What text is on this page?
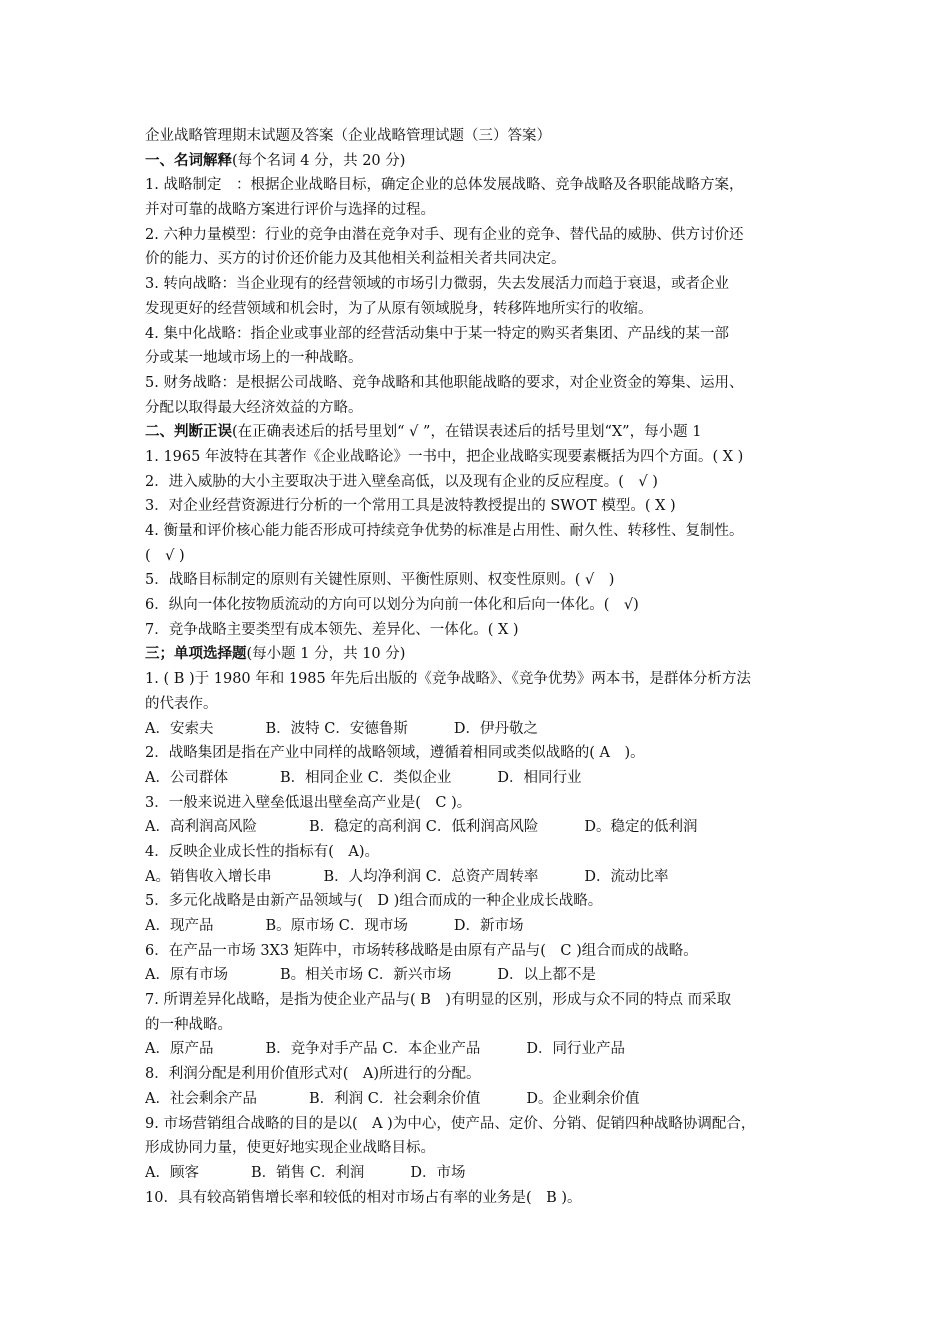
企业战略管理期末试题及答案（企业战略管理试题（三）答案）
一、名词解释(每个名词 4 分，共 20 分)
1. 战略制定　：根据企业战略目标，确定企业的总体发展战略、竞争战略及各职能战略方案，
并对可靠的战略方案进行评价与选择的过程。
2. 六种力量模型：行业的竞争由潜在竞争对手、现有企业的竞争、替代品的威胁、供方讨价还
价的能力、买方的讨价还价能力及其他相关利益相关者共同决定。
3. 转向战略：当企业现有的经营领域的市场引力微弱，失去发展活力而趋于衰退，或者企业
发现更好的经营领域和机会时，为了从原有领域脱身，转移阵地所实行的收缩。
4. 集中化战略：指企业或事业部的经营活动集中于某一特定的购买者集团、产品线的某一部
分或某一地域市场上的一种战略。
5. 财务战略：是根据公司战略、竞争战略和其他职能战略的要求，对企业资金的筹集、运用、
分配以取得最大经济效益的方略。
二、判断正误(在正确表述后的括号里划“ √ ”，在错误表述后的括号里划“X”，每小题 1
1. 1965 年波特在其著作《企业战略论》一书中，把企业战略实现要素概括为四个方面。( X )
2．进入威胁的大小主要取决于进入壁垒高低，以及现有企业的反应程度。(　√ )
3．对企业经营资源进行分析的一个常用工具是波特教授提出的 SWOT 模型。( X )
4. 衡量和评价核心能力能否形成可持续竞争优势的标准是占用性、耐久性、转移性、复制性。
(　√ )
5．战略目标制定的原则有关键性原则、平衡性原则、权变性原则。( √　)
6．纵向一体化按物质流动的方向可以划分为向前一体化和后向一体化。(　√)
7．竞争战略主要类型有成本领先、差异化、一体化。( X )
三；单项选择题(每小题 1 分，共 10 分)
1. ( B )于 1980 年和 1985 年先后出版的《竞争战略》、《竞争优势》两本书，是群体分析方法
的代表作。
A．安索夫	B．波特 C．安德鲁斯	D．伊丹敬之
2．战略集团是指在产业中同样的战略领域，遵循着相同或类似战略的( A　)。
A．公司群体	B．相同企业 C．类似企业	D．相同行业
3．一般来说进入壁垒低退出壁垒高产业是(　C )。
A．高利润高风险	B．稳定的高利润 C．低利润高风险	D。稳定的低利润
4．反映企业成长性的指标有(　A)。
A。销售收入增长串	B．人均净利润 C．总资产周转率	D．流动比率
5．多元化战略是由新产品领域与(　D )组合而成的一种企业成长战略。
A．现产品	B。原市场 C．现市场	D．新市场
6．在产品一市场 3X3 矩阵中，市场转移战略是由原有产品与(　C )组合而成的战略。
A．原有市场	B。相关市场 C．新兴市场	D．以上都不是
7. 所谓差异化战略，是指为使企业产品与( B　)有明显的区别，形成与众不同的特点 而采取
的一种战略。
A．原产品	B．竞争对手产品 C．本企业产品	D．同行业产品
8．利润分配是利用价值形式对(　A)所进行的分配。
A．社会剩余产品	B．利润 C．社会剩余价值	D。企业剩余价值
9. 市场营销组合战略的目的是以(　A )为中心，使产品、定价、分销、促销四种战略协调配合，
形成协同力量，使更好地实现企业战略目标。
A．顾客	B．销售 C．利润	D．市场
10．具有较高销售增长率和较低的相对市场占有率的业务是(　B )。
